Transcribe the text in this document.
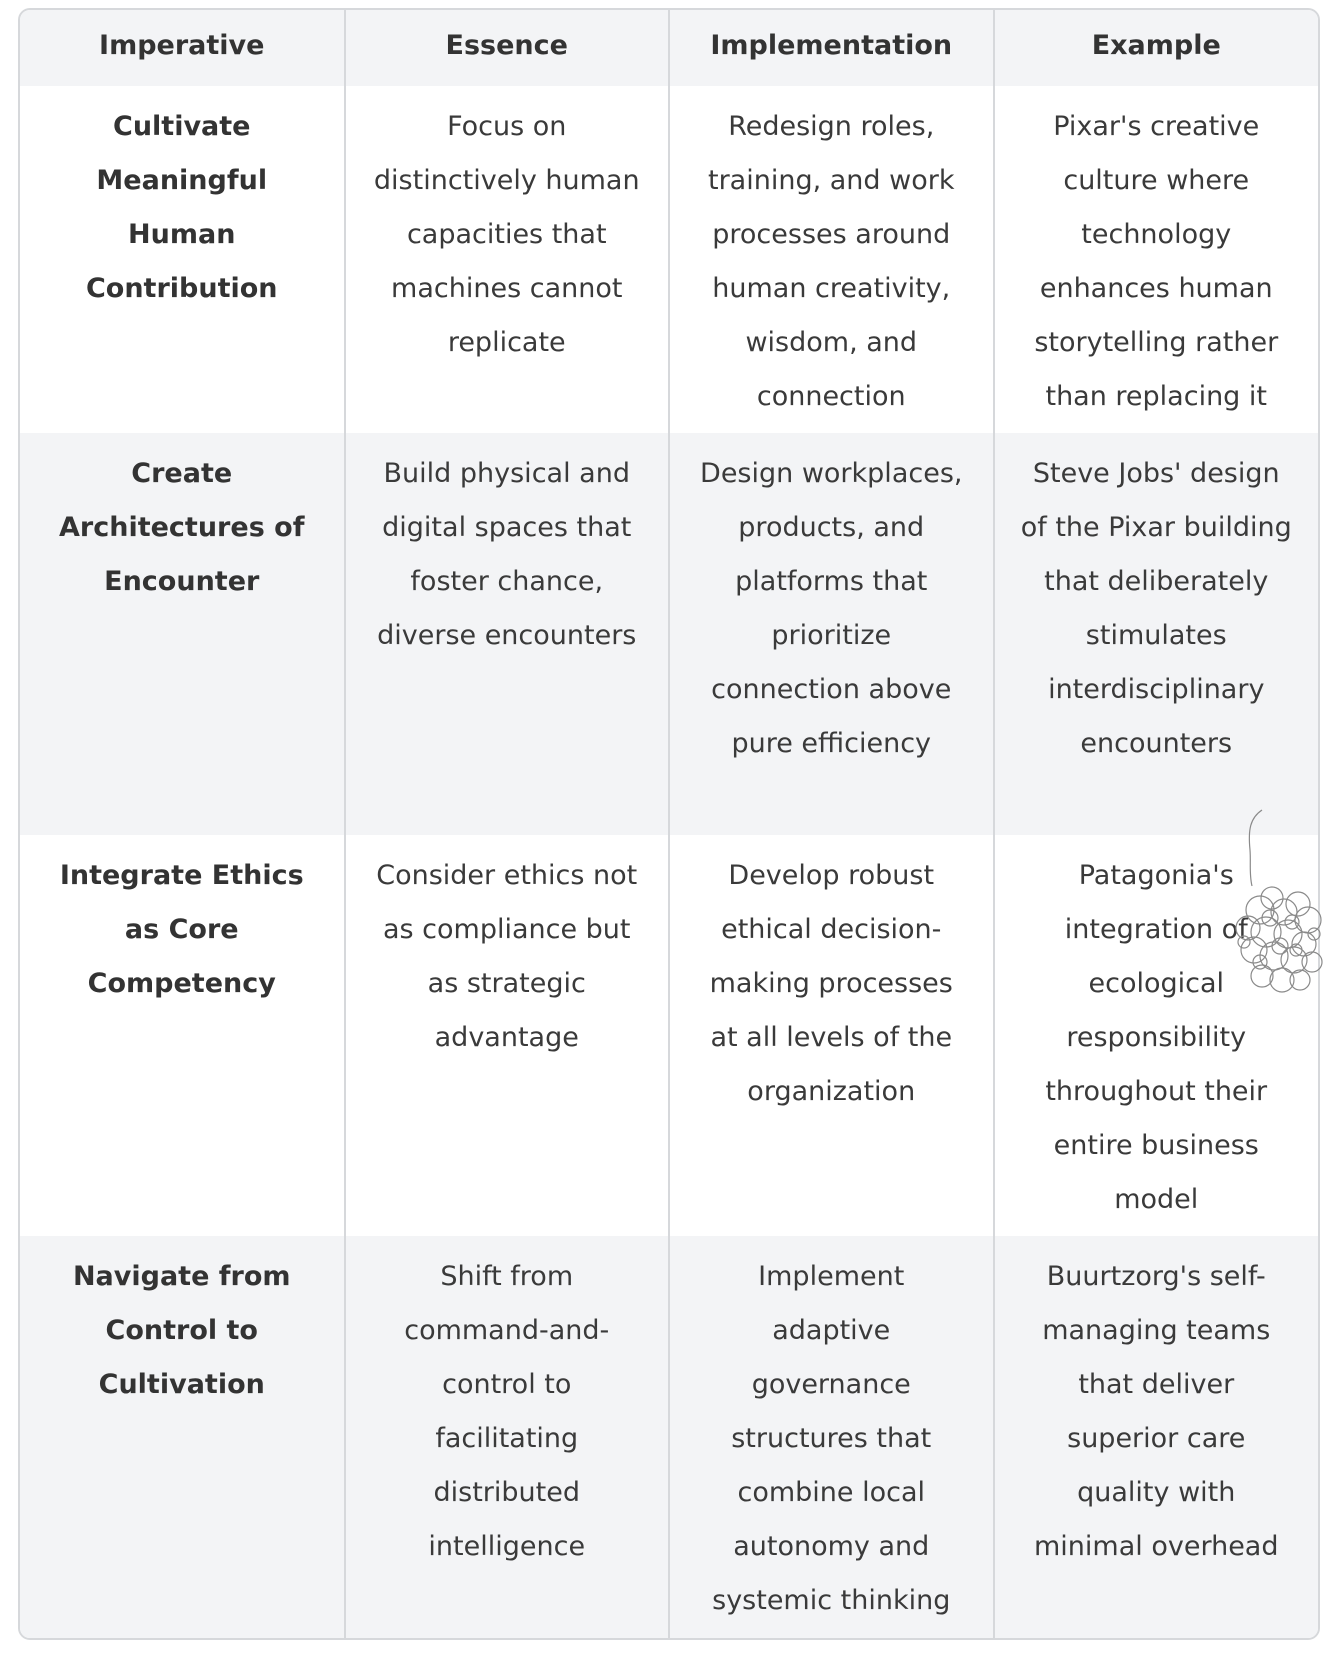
Imperative	Essence	Implementation	Example
Cultivate Meaningful Human Contribution	Focus on distinctively human capacities that machines cannot replicate	Redesign roles, training, and work processes around human creativity, wisdom, and connection	Pixar's creative culture where technology enhances human storytelling rather than replacing it
Create Architectures of Encounter	Build physical and digital spaces that foster chance, diverse encounters	Design workplaces, products, and platforms that prioritize connection above pure efficiency	Steve Jobs' design of the Pixar building that deliberately stimulates interdisciplinary encounters
Integrate Ethics as Core Competency	Consider ethics not as compliance but as strategic advantage	Develop robust ethical decision-making processes at all levels of the organization	Patagonia's integration of ecological responsibility throughout their entire business model
Navigate from Control to Cultivation	Shift from command-and-control to facilitating distributed intelligence	Implement adaptive governance structures that combine local autonomy and systemic thinking	Buurtzorg's self-managing teams that deliver superior care quality with minimal overhead
